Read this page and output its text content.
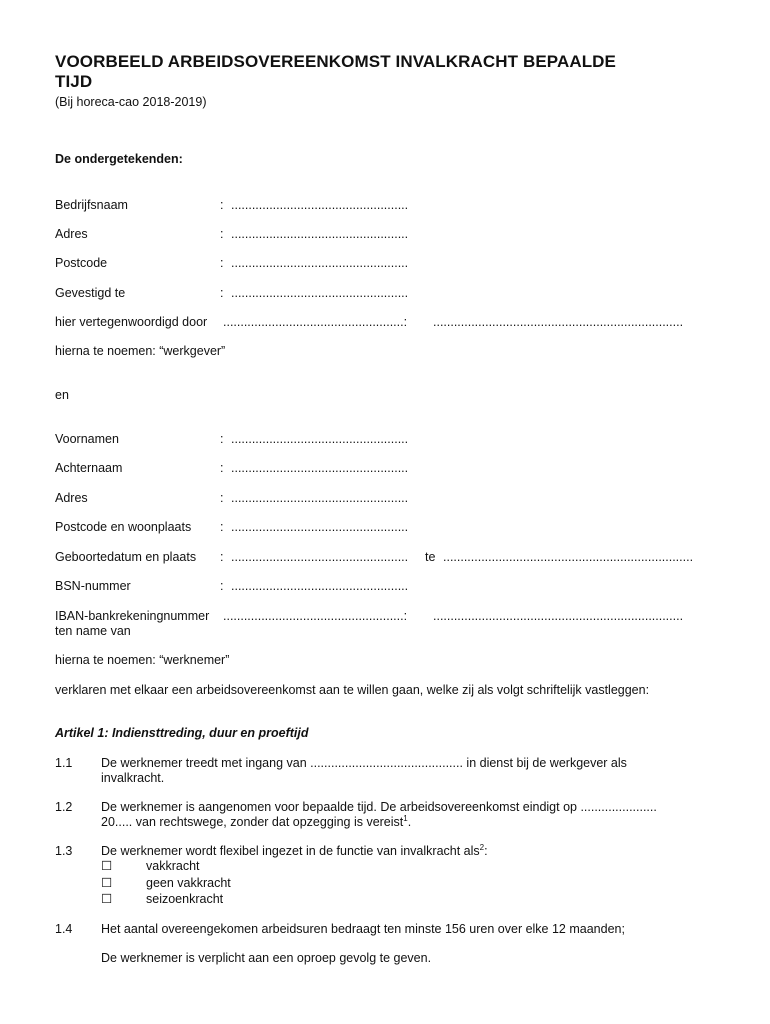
VOORBEELD ARBEIDSOVEREENKOMST INVALKRACHT BEPAALDE
TIJD
(Bij horeca-cao 2018-2019)
De ondergetekenden:
Bedrijfsnaam	: ...................................................
Adres	: ...................................................
Postcode	: ...................................................
Gevestigd te	: ...................................................
hier vertegenwoordigd door ....................................................: ........................................................................
hierna te noemen: “werkgever”
en
Voornamen	: ...................................................
Achternaam	: ...................................................
Adres	: ...................................................
Postcode en woonplaats : ...................................................
Geboortedatum en plaats : ................................................... te ........................................................................
BSN-nummer	: ...................................................
IBAN-bankrekeningnummer ....................................................: ........................................................................
ten name van
hierna te noemen: “werknemer”
verklaren met elkaar een arbeidsovereenkomst aan te willen gaan, welke zij als volgt schriftelijk vastleggen:
Artikel 1: Indiensttreding, duur en proeftijd
1.1 De werknemer treedt met ingang van ............................................ in dienst bij de werkgever als
invalkracht.
1.2 De werknemer is aangenomen voor bepaalde tijd. De arbeidsovereenkomst eindigt op ......................
20..... van rechtswege, zonder dat opzegging is vereist$^1$.
1.3 De werknemer wordt flexibel ingezet in de functie van invalkracht als$^2$:
☐	vakkracht
☐	geen vakkracht
☐	seizoenkracht
1.4 Het aantal overeengekomen arbeidsuren bedraagt ten minste 156 uren over elke 12 maanden;
De werknemer is verplicht aan een oproep gevolg te geven.
